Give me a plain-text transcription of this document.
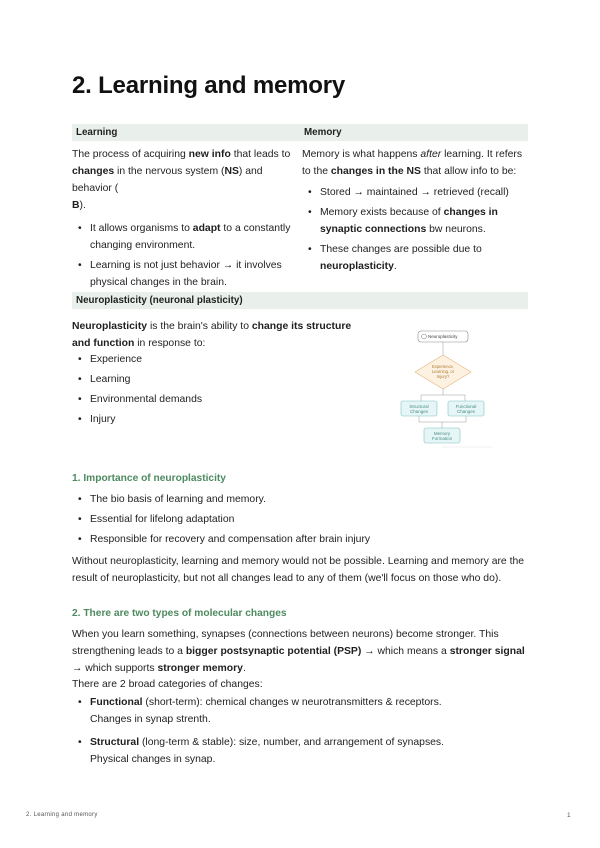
2. Learning and memory
Learning	Memory
The process of acquiring new info that leads to
changes in the nervous system (NS) and behavior (
B).
• It allows organisms to adapt to a constantly changing environment.
• Learning is not just behavior → it involves physical changes in the brain.
Memory is what happens after learning. It refers to the changes in the NS that allow info to be:
• Stored → maintained → retrieved (recall)
• Memory exists because of changes in synaptic connections bw neurons.
• These changes are possible due to neuroplasticity.
Neuroplasticity (neuronal plasticity)
Neuroplasticity is the brain's ability to change its structure and function in response to:
• Experience
• Learning
• Environmental demands
• Injury
Neuroplasticity
Experience,
Learning, or
Injury?
Structural
Changes
Functional
Changes
Memory
Formation
1. Importance of neuroplasticity
• The bio basis of learning and memory.
• Essential for lifelong adaptation
• Responsible for recovery and compensation after brain injury
Without neuroplasticity, learning and memory would not be possible. Learning and memory are the result of neuroplasticity, but not all changes lead to any of them (we'll focus on those who do).
2. There are two types of molecular changes
When you learn something, synapses (connections between neurons) become stronger. This strengthening leads to a bigger postsynaptic potential (PSP) → which means a stronger signal → which supports stronger memory.
There are 2 broad categories of changes:
• Functional (short-term): chemical changes w neurotransmitters & receptors.
Changes in synap strenth.
• Structural (long-term & stable): size, number, and arrangement of synapses.
Physical changes in synap.
2. Learning and memory	1
